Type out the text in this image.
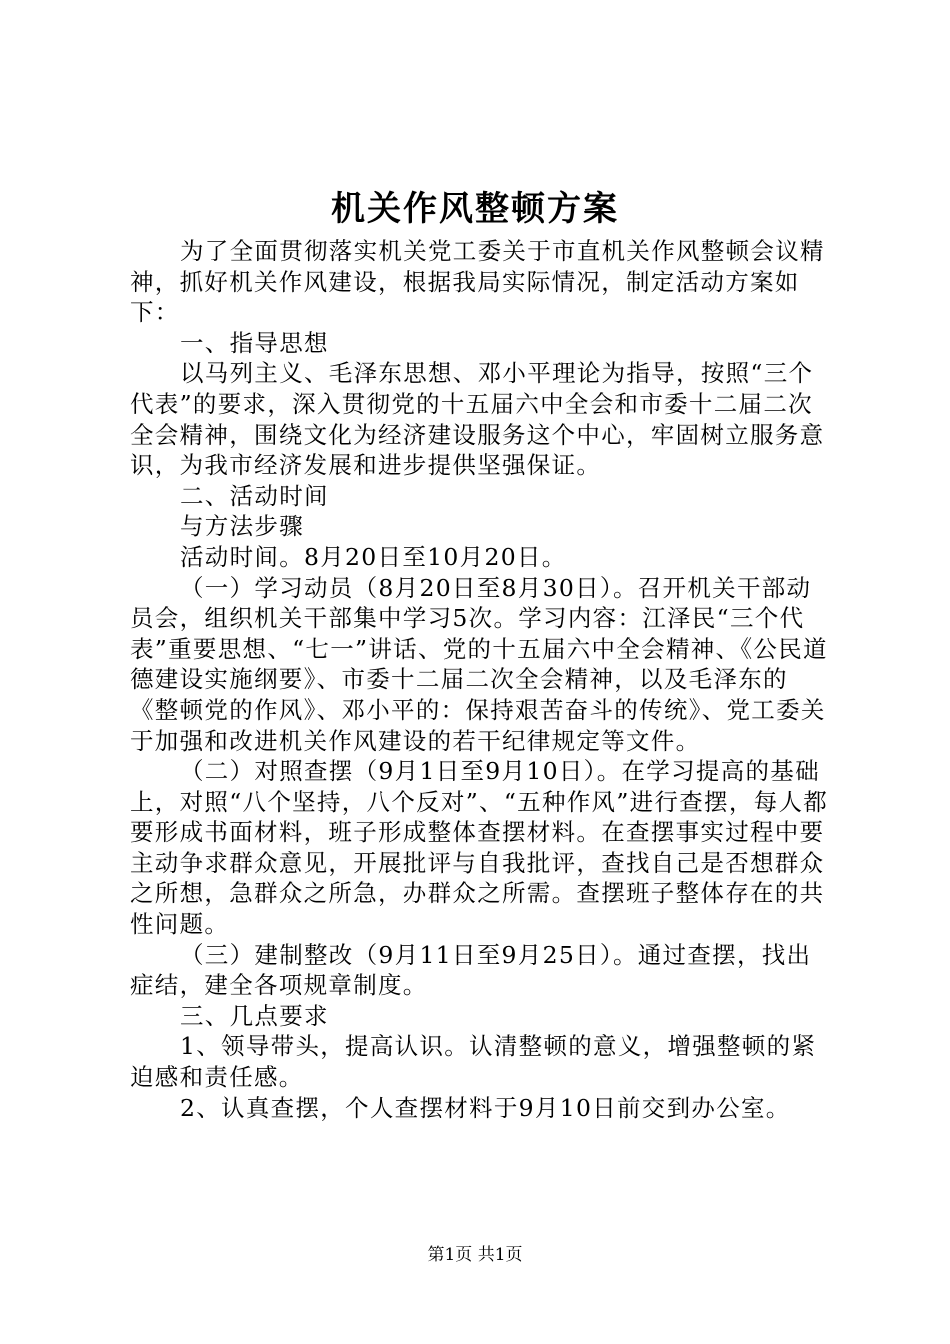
机关作风整顿方案

为了全面贯彻落实机关党工委关于市直机关作风整顿会议精神，抓好机关作风建设，根据我局实际情况，制定活动方案如下：

一、指导思想

以马列主义、毛泽东思想、邓小平理论为指导，按照“三个代表”的要求，深入贯彻党的十五届六中全会和市委十二届二次全会精神，围绕文化为经济建设服务这个中心，牢固树立服务意识，为我市经济发展和进步提供坚强保证。

二、活动时间

与方法步骤

活动时间。8月20日至10月20日。

（一）学习动员（8月20日至8月30日）。召开机关干部动员会，组织机关干部集中学习5次。学习内容：江泽民“三个代表”重要思想、“七一”讲话、党的十五届六中全会精神、《公民道德建设实施纲要》、市委十二届二次全会精神，以及毛泽东的《整顿党的作风》、邓小平的：保持艰苦奋斗的传统》、党工委关于加强和改进机关作风建设的若干纪律规定等文件。

（二）对照查摆（9月1日至9月10日）。在学习提高的基础上，对照“八个坚持，八个反对”、“五种作风”进行查摆，每人都要形成书面材料，班子形成整体查摆材料。在查摆事实过程中要主动争求群众意见，开展批评与自我批评，查找自己是否想群众之所想，急群众之所急，办群众之所需。查摆班子整体存在的共性问题。

（三）建制整改（9月11日至9月25日）。通过查摆，找出症结，建全各项规章制度。

三、几点要求

1、领导带头，提高认识。认清整顿的意义，增强整顿的紧迫感和责任感。

2、认真查摆，个人查摆材料于9月10日前交到办公室。

第1页 共1页
